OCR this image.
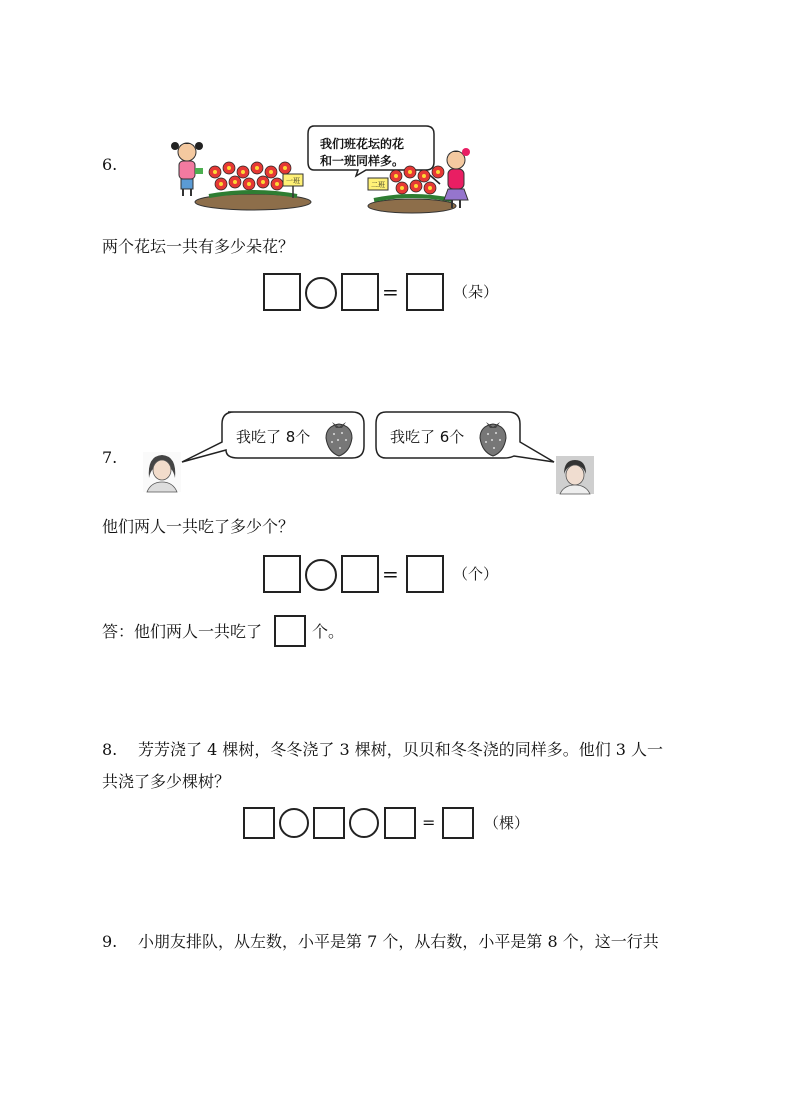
6.
一班
我们班花坛的花
和一班同样多。
二班
两个花坛一共有多少朵花？
=	（朵）
7.
我吃了 8个	我吃了 6个
他们两人一共吃了多少个？
=	（个）
答：他们两人一共吃了	个。
8. 芳芳浇了 4 棵树，冬冬浇了 3 棵树，贝贝和冬冬浇的同样多。他们 3 人一
共浇了多少棵树？
=	（棵）
9. 小朋友排队，从左数，小平是第 7 个，从右数，小平是第 8 个，这一行共
